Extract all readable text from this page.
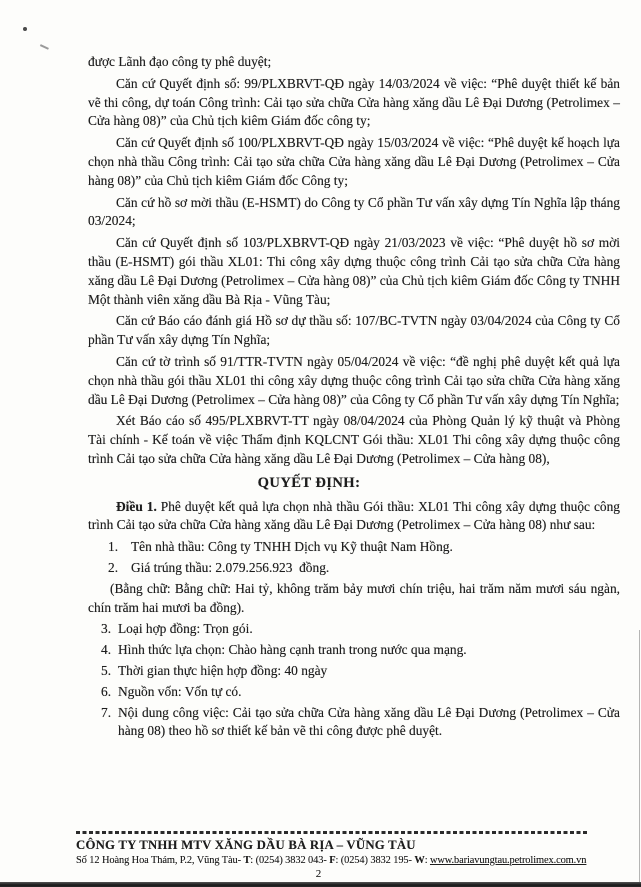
được Lãnh đạo công ty phê duyệt;

Căn cứ Quyết định số: 99/PLXBRVT-QĐ ngày 14/03/2024 về việc: “Phê duyệt thiết kế bản vẽ thi công, dự toán Công trình: Cải tạo sửa chữa Cửa hàng xăng dầu Lê Đại Dương (Petrolimex – Cửa hàng 08)” của Chủ tịch kiêm Giám đốc công ty;

Căn cứ Quyết định số 100/PLXBRVT-QĐ ngày 15/03/2024 về việc: “Phê duyệt kế hoạch lựa chọn nhà thầu Công trình: Cải tạo sửa chữa Cửa hàng xăng dầu Lê Đại Dương (Petrolimex – Cửa hàng 08)” của Chủ tịch kiêm Giám đốc Công ty;

Căn cứ hồ sơ mời thầu (E-HSMT) do Công ty Cổ phần Tư vấn xây dựng Tín Nghĩa lập tháng 03/2024;

Căn cứ Quyết định số 103/PLXBRVT-QĐ ngày 21/03/2023 về việc: “Phê duyệt hồ sơ mời thầu (E-HSMT) gói thầu XL01: Thi công xây dựng thuộc công trình Cải tạo sửa chữa Cửa hàng xăng dầu Lê Đại Dương (Petrolimex – Cửa hàng 08)” của Chủ tịch kiêm Giám đốc Công ty TNHH Một thành viên xăng dầu Bà Rịa - Vũng Tàu;

Căn cứ Báo cáo đánh giá Hồ sơ dự thầu số: 107/BC-TVTN ngày 03/04/2024 của Công ty Cổ phần Tư vấn xây dựng Tín Nghĩa;

Căn cứ tờ trình số 91/TTR-TVTN ngày 05/04/2024 về việc: “đề nghị phê duyệt kết quả lựa chọn nhà thầu gói thầu XL01 thi công xây dựng thuộc công trình Cải tạo sửa chữa Cửa hàng xăng dầu Lê Đại Dương (Petrolimex – Cửa hàng 08)” của Công ty Cổ phần Tư vấn xây dựng Tín Nghĩa;

Xét Báo cáo số 495/PLXBRVT-TT ngày 08/04/2024 của Phòng Quản lý kỹ thuật và Phòng Tài chính - Kế toán về việc Thẩm định KQLCNT Gói thầu: XL01 Thi công xây dựng thuộc công trình Cải tạo sửa chữa Cửa hàng xăng dầu Lê Đại Dương (Petrolimex – Cửa hàng 08),

QUYẾT ĐỊNH:

Điều 1. Phê duyệt kết quả lựa chọn nhà thầu Gói thầu: XL01 Thi công xây dựng thuộc công trình Cải tạo sửa chữa Cửa hàng xăng dầu Lê Đại Dương (Petrolimex – Cửa hàng 08) như sau:

1. Tên nhà thầu: Công ty TNHH Dịch vụ Kỹ thuật Nam Hồng.
2. Giá trúng thầu: 2.079.256.923  đồng.

(Bằng chữ: Bằng chữ: Hai tỷ, không trăm bảy mươi chín triệu, hai trăm năm mươi sáu ngàn, chín trăm hai mươi ba đồng).

3. Loại hợp đồng: Trọn gói.
4. Hình thức lựa chọn: Chào hàng cạnh tranh trong nước qua mạng.
5. Thời gian thực hiện hợp đồng: 40 ngày
6. Nguồn vốn: Vốn tự có.
7. Nội dung công việc: Cải tạo sửa chữa Cửa hàng xăng dầu Lê Đại Dương (Petrolimex – Cửa hàng 08) theo hồ sơ thiết kế bản vẽ thi công được phê duyệt.
CÔNG TY TNHH MTV XĂNG DẦU BÀ RỊA – VŨNG TÀU
Số 12 Hoàng Hoa Thám, P.2, Vũng Tàu- T: (0254) 3832 043- F: (0254) 3832 195- W: www.bariavungtau.petrolimex.com.vn
2
